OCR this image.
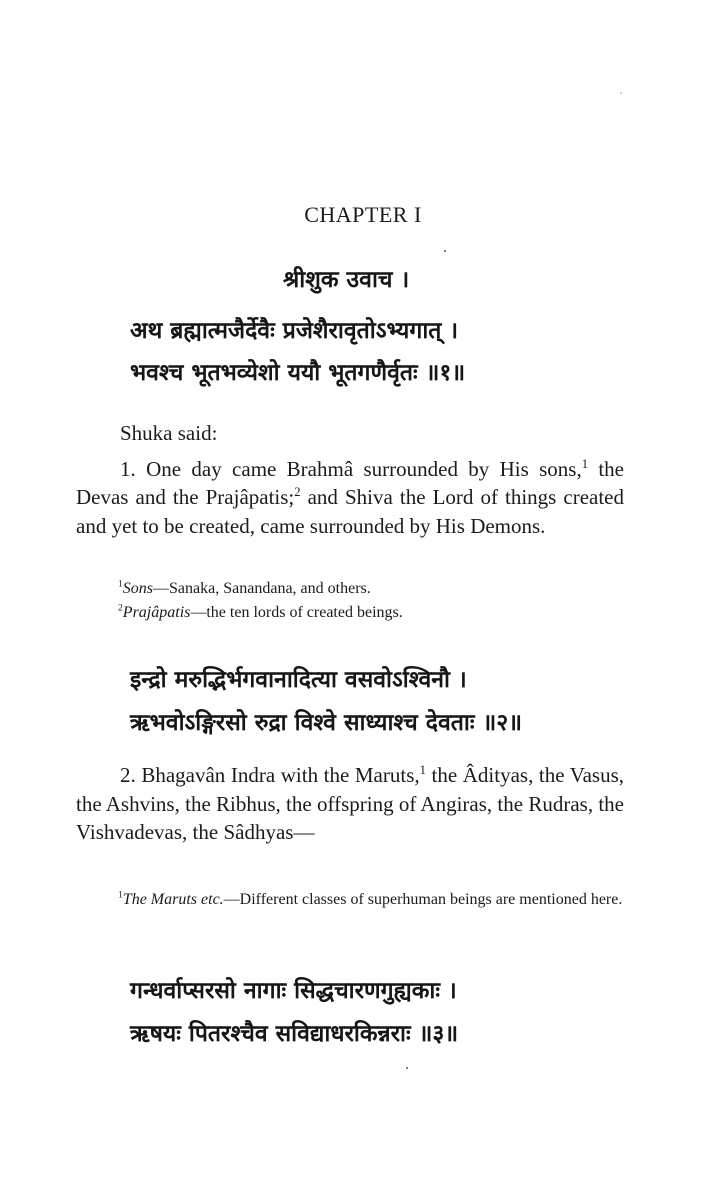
CHAPTER I
श्रीशुक उवाच ।
अथ ब्रह्मात्मजैर्देवैः प्रजेशैरावृतोऽभ्यगात् ।
भवश्च भूतभव्येशो ययौ भूतगणैर्वृतः ॥१॥

Shuka said:

1. One day came Brahmâ surrounded by His sons,$^1$ the Devas and the Prajâpatis;$^2$ and Shiva the Lord of things created and yet to be created, came surrounded by His Demons.

$^1$Sons—Sanaka, Sanandana, and others.
$^2$Prajâpatis—the ten lords of created beings.
इन्द्रो मरुद्भिर्भगवानादित्या वसवोऽश्विनौ ।
ऋभवोऽङ्गिरसो रुद्रा विश्वे साध्याश्च देवताः ॥२॥

2. Bhagavân Indra with the Maruts,$^1$ the Âdityas, the Vasus, the Ashvins, the Ribhus, the offspring of Angiras, the Rudras, the Vishvadevas, the Sâdhyas—

$^1$The Maruts etc.—Different classes of superhuman beings are mentioned here.
गन्धर्वाप्सरसो नागाः सिद्धचारणगुह्यकाः ।
ऋषयः पितरश्चैव सविद्याधरकिन्नराः ॥३॥
